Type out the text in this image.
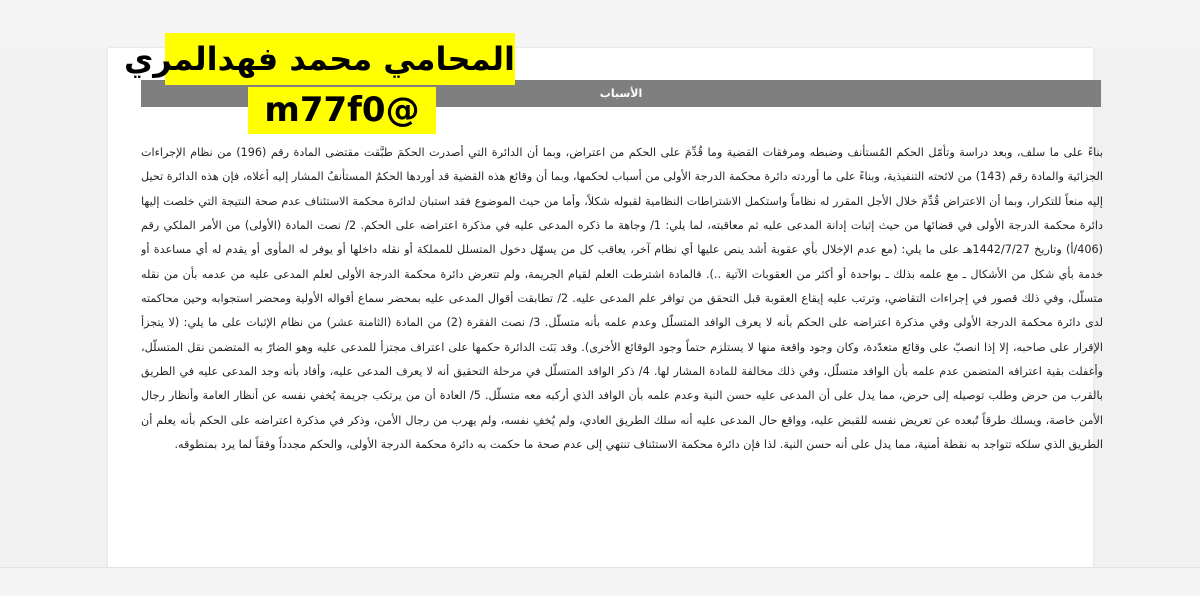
الأسباب

بناءً على ما سلف، وبعد دراسة وتأمّل الحكم المُستأنف وضبطه ومرفقات القضية وما قُدِّمَ على الحكم من اعتراض، وبما أن الدائرة التي أصدرت الحكمَ طبَّقت مقتضى المادة رقم (196) من نظام الإجراءات الجزائية والمادة رقم (143) من لائحته التنفيذية، وبناءً على ما أوردته دائرة محكمة الدرجة الأولى من أسباب لحكمها، وبما أن وقائع هذه القضية قد أوردها الحكمُ المستأنفُ المشار إليه أعلاه، فإن هذه الدائرة تحيل إليه منعاً للتكرار، وبما أن الاعتراض قُدِّمَ خلال الأجل المقرر له نظاماً واستكمل الاشتراطات النظامية لقبوله شكلاً، وأما من حيث الموضوع فقد استبان لدائرة محكمة الاستئناف عدم صحة النتيجة التي خلصت إليها دائرة محكمة الدرجة الأولى في قضائها من حيث إثبات إدانة المدعى عليه ثم معاقبته، لما يلي: 1/ وجاهة ما ذكره المدعى عليه في مذكرة اعتراضه على الحكم. 2/ نصت المادة (الأولى) من الأمر الملكي رقم (406/أ) وتاريخ 1442/7/27هـ على ما يلي: (مع عدم الإخلال بأي عقوبة أشد ينص عليها أي نظام آخر، يعاقب كل من يسهّل دخول المتسلل للمملكة أو نقله داخلها أو يوفر له المأوى أو يقدم له أي مساعدة أو خدمة بأي شكل من الأشكال ـ مع علمه بذلك ـ بواحدة أو أكثر من العقوبات الآتية ..). فالمادة اشترطت العلم لقيام الجريمة، ولم تتعرض دائرة محكمة الدرجة الأولى لعلم المدعى عليه من عدمه بأن من نقله متسلّل، وفي ذلك قصور في إجراءات التقاضي، وترتب عليه إيقاع العقوبة قبل التحقق من توافر علم المدعى عليه. 2/ تطابقت أقوال المدعى عليه بمحضر سماع أقواله الأولية ومحضر استجوابه وحين محاكمته لدى دائرة محكمة الدرجة الأولى وفي مذكرة اعتراضه على الحكم بأنه لا يعرف الوافد المتسلّل وعدم علمه بأنه متسلّل. 3/ نصت الفقرة (2) من المادة (الثامنة عشر) من نظام الإثبات على ما يلي: (لا يتجزأ الإقرار على صاحبه، إلا إذا انصبّ على وقائع متعدّدة، وكان وجود واقعة منها لا يستلزم حتماً وجود الوقائع الأخرى). وقد بَنَت الدائرة حكمها على اعتراف مجتزأ للمدعى عليه وهو الضارّ به المتضمن نقل المتسلّل، وأغفلت بقية اعترافه المتضمن عدم علمه بأن الوافد متسلّل، وفي ذلك مخالفة للمادة المشار لها. 4/ ذكر الوافد المتسلّل في مرحلة التحقيق أنه لا يعرف المدعى عليه، وأفاد بأنه وجد المدعى عليه في الطريق بالقرب من حرض وطلب توصيله إلى حرض، مما يدل على أن المدعى عليه حسن النية وعدم علمه بأن الوافد الذي أركبه معه متسلّل. 5/ العادة أن من يرتكب جريمة يُخفي نفسه عن أنظار العامة وأنظار رجال الأمن خاصة، ويسلك طرقاً تُبعده عن تعريض نفسه للقبض عليه، وواقع حال المدعى عليه أنه سلك الطريق العادي، ولم يُخفِ نفسه، ولم يهرب من رجال الأمن، وذكر في مذكرة اعتراضه على الحكم بأنه يعلم أن الطريق الذي سلكه تتواجد به نقطة أمنية، مما يدل على أنه حسن النية. لذا فإن دائرة محكمة الاستئناف تنتهي إلى عدم صحة ما حكمت به دائرة محكمة الدرجة الأولى، والحكم مجدداً وفقاً لما يرد بمنطوقه.

المحامي محمد فهدالمري
m77f0@
